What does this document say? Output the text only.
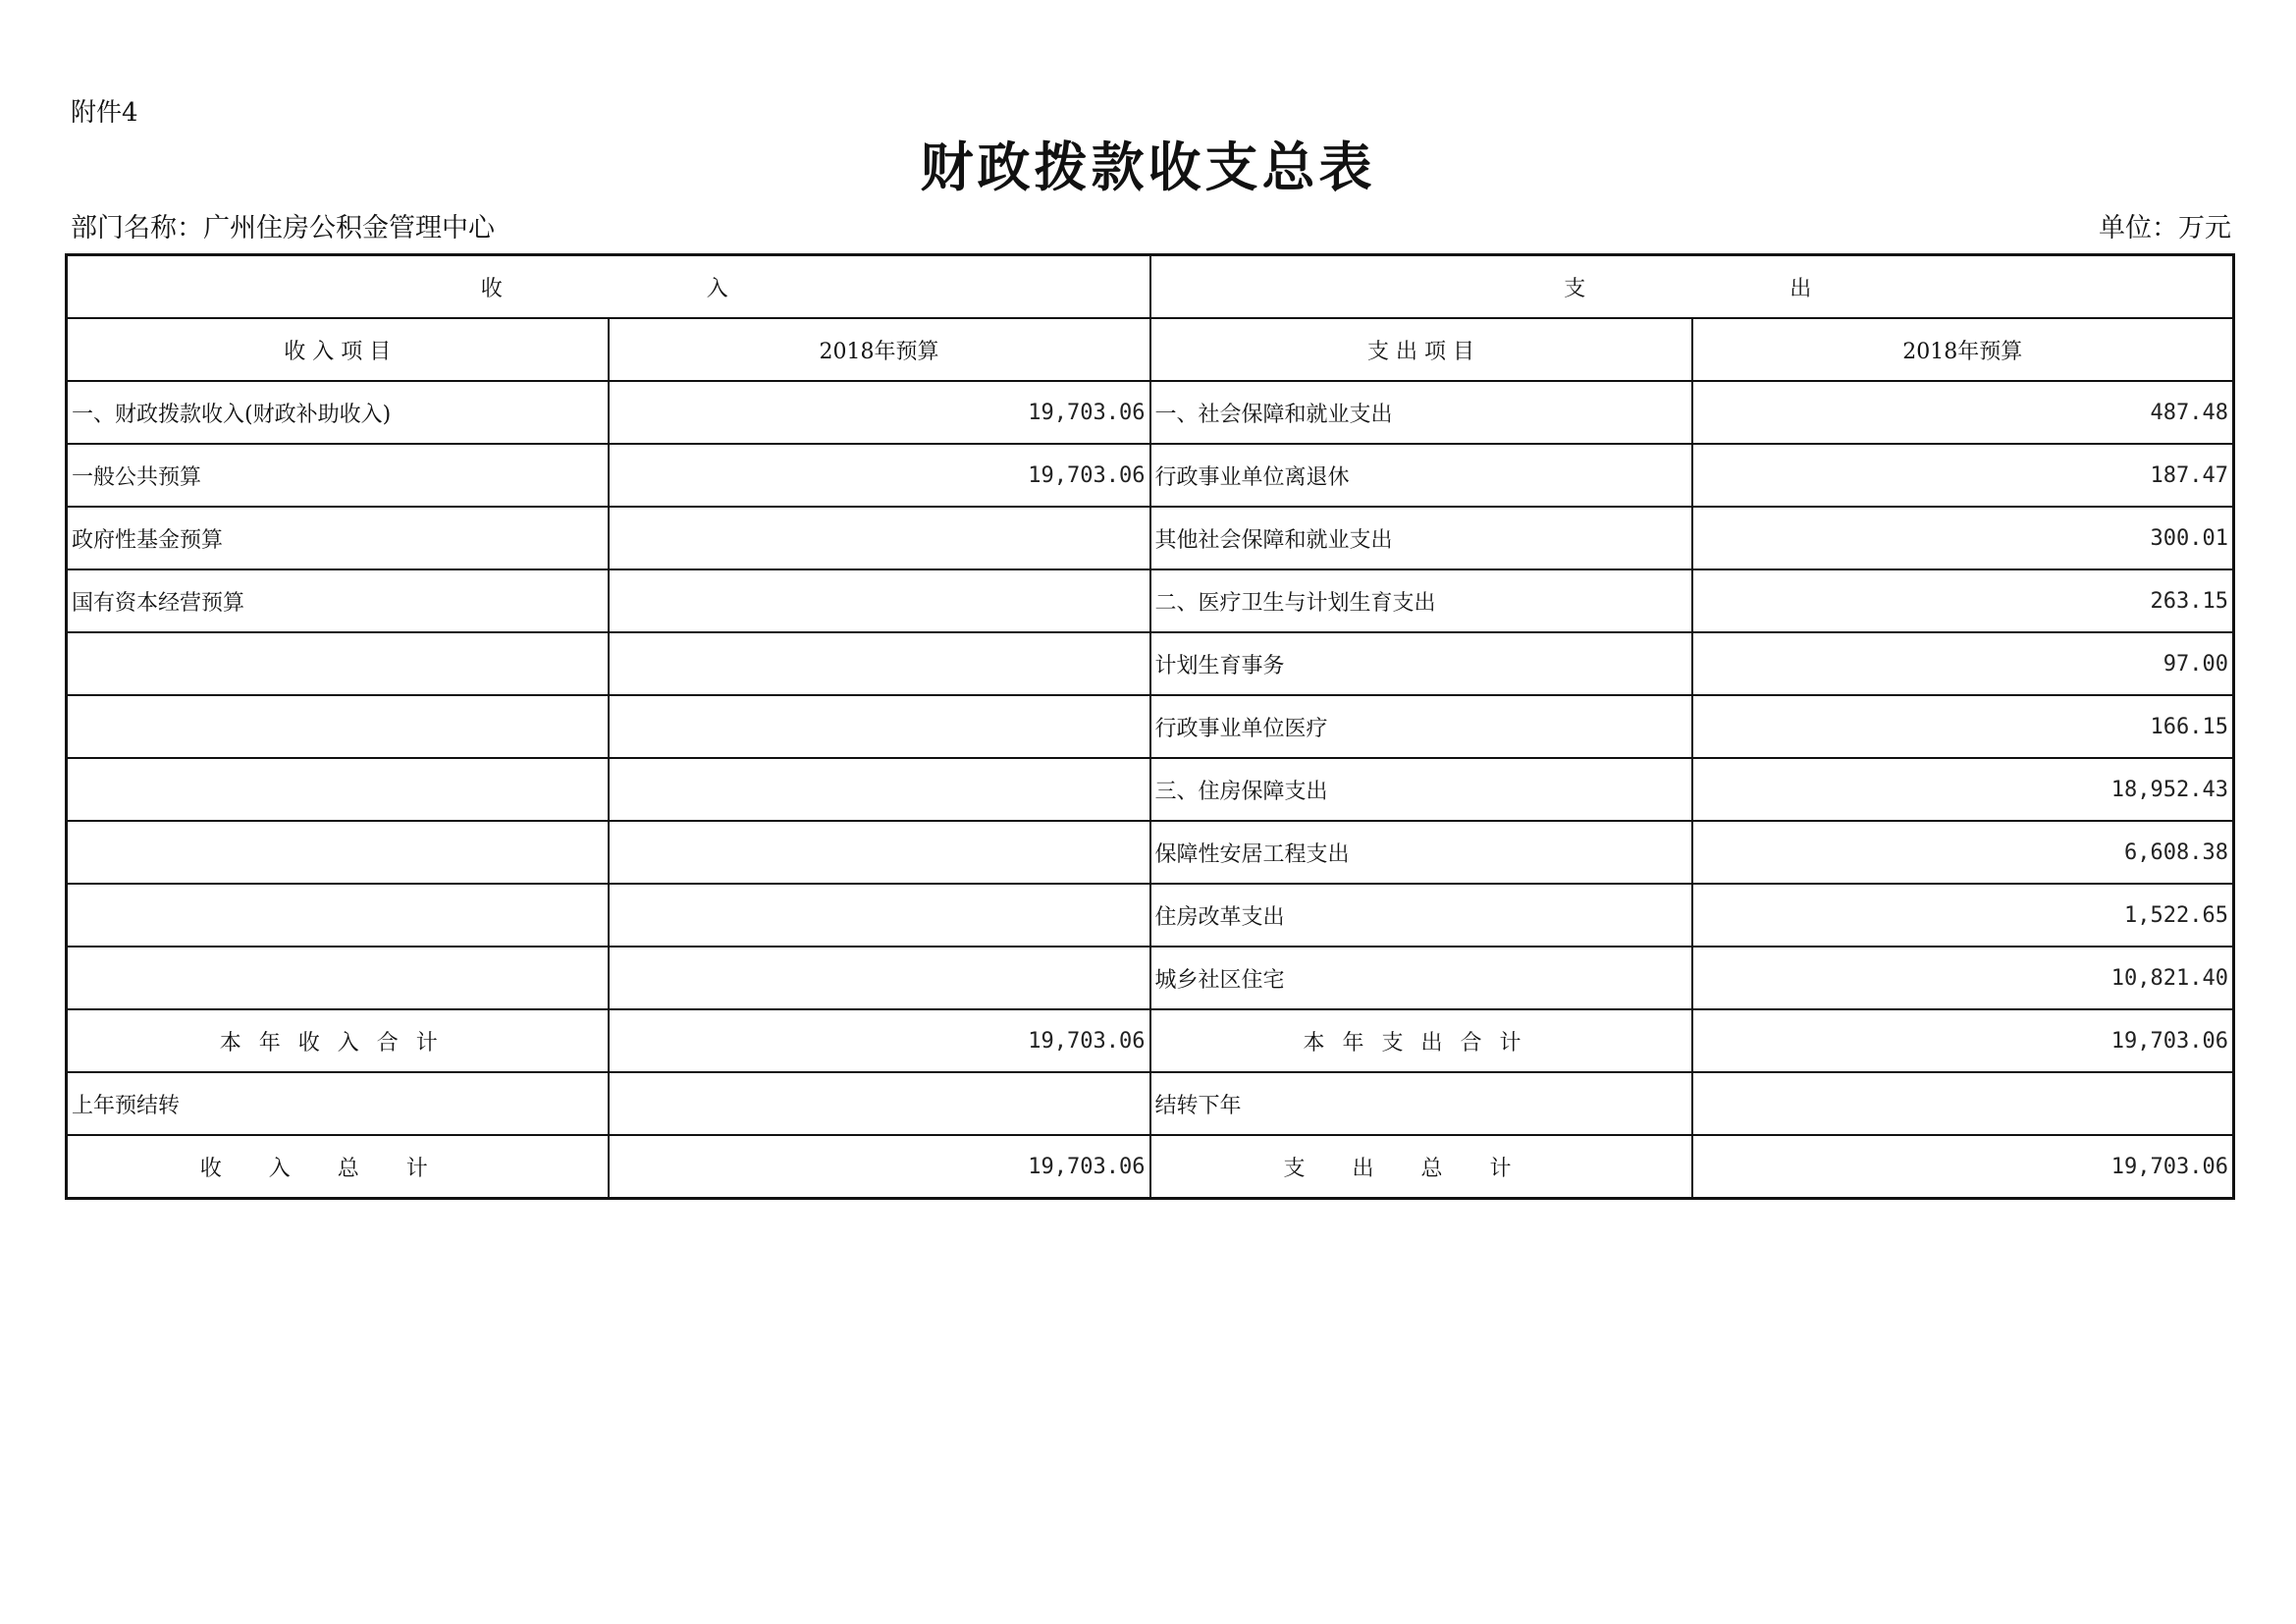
附件4
财政拨款收支总表
部门名称：广州住房公积金管理中心	单位：万元
收 入		支 出	
收 入 项 目	2018年预算	支 出 项 目	2018年预算
一、财政拨款收入(财政补助收入)	19,703.06	一、社会保障和就业支出	487.48
一般公共预算	19,703.06	行政事业单位离退休	187.47
政府性基金预算		其他社会保障和就业支出	300.01
国有资本经营预算		二、医疗卫生与计划生育支出	263.15
		计划生育事务	97.00
		行政事业单位医疗	166.15
		三、住房保障支出	18,952.43
		保障性安居工程支出	6,608.38
		住房改革支出	1,522.65
		城乡社区住宅	10,821.40
本年收入合计	19,703.06	本年支出合计	19,703.06
上年预结转		结转下年	
收入总计	19,703.06	支出总计	19,703.06
